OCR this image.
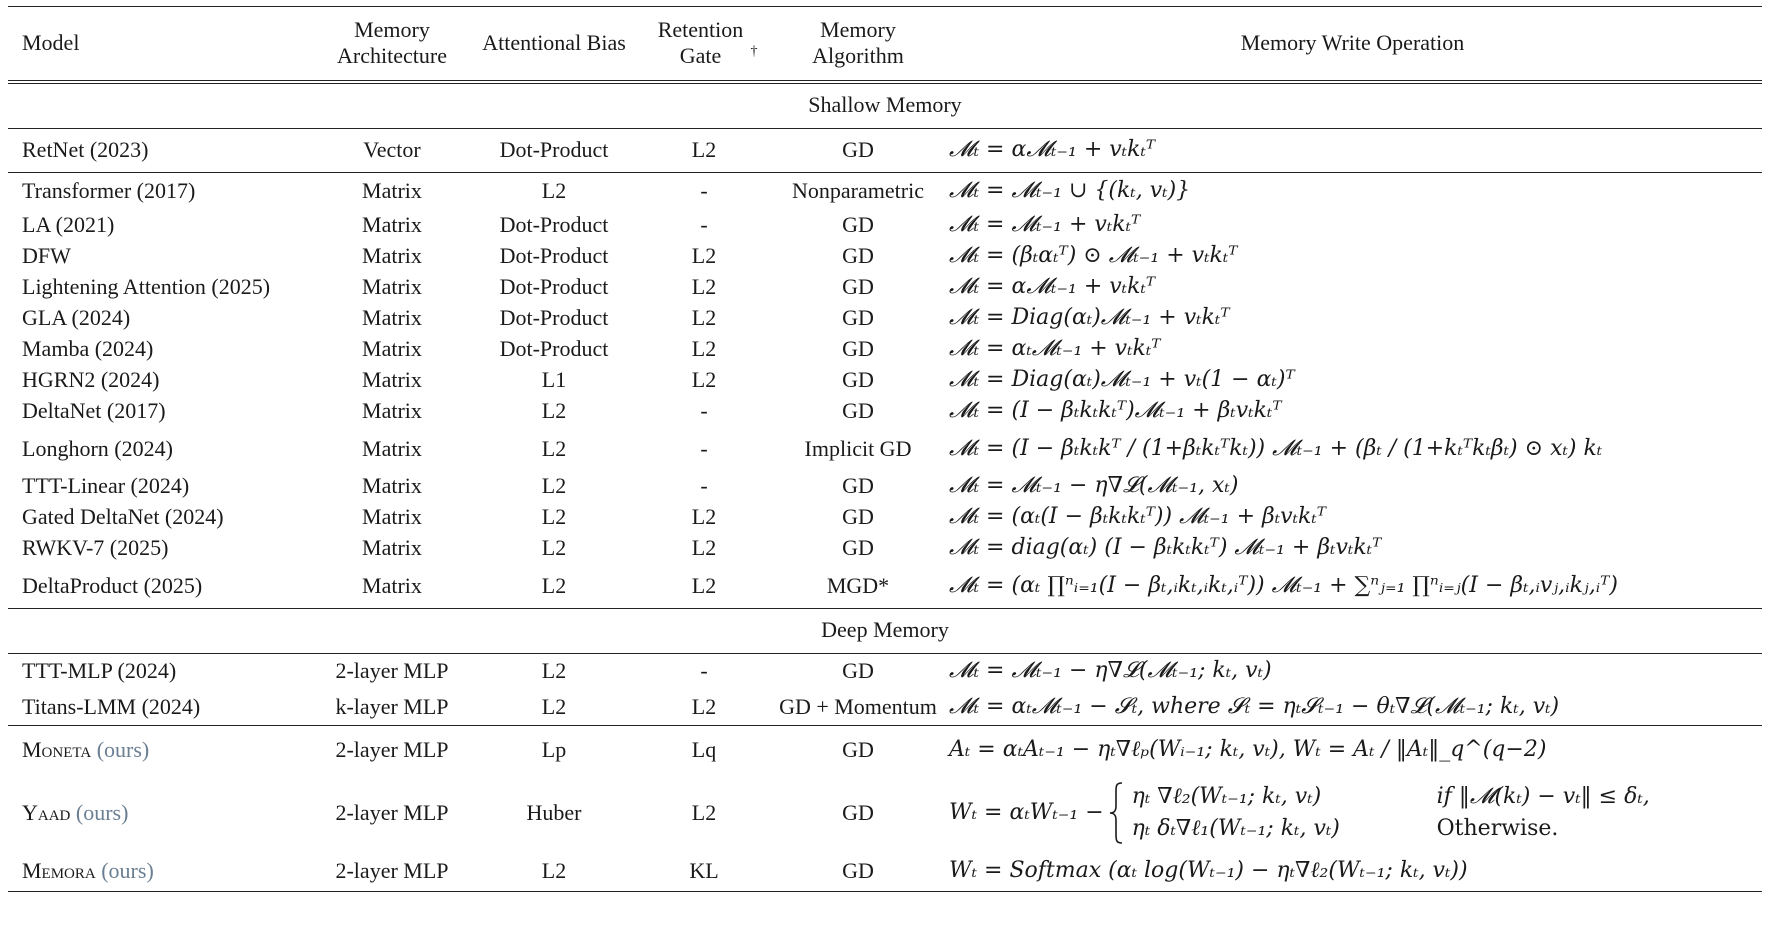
Model	Memory Architecture	Attentional Bias	Retention Gate †	Memory Algorithm	Memory Write Operation
Shallow Memory					
RetNet (2023)	Vector	Dot-Product	L2	GD	𝓜ₜ = α𝓜ₜ₋₁ + vₜkₜᵀ
Transformer (2017)	Matrix	L2	-	Nonparametric	𝓜ₜ = 𝓜ₜ₋₁ ∪ {(kₜ, vₜ)}
LA (2021)	Matrix	Dot-Product	-	GD	𝓜ₜ = 𝓜ₜ₋₁ + vₜkₜᵀ
DFW	Matrix	Dot-Product	L2	GD	𝓜ₜ = (βₜαₜᵀ) ⊙ 𝓜ₜ₋₁ + vₜkₜᵀ
Lightening Attention (2025)	Matrix	Dot-Product	L2	GD	𝓜ₜ = α𝓜ₜ₋₁ + vₜkₜᵀ
GLA (2024)	Matrix	Dot-Product	L2	GD	𝓜ₜ = Diag(αₜ)𝓜ₜ₋₁ + vₜkₜᵀ
Mamba (2024)	Matrix	Dot-Product	L2	GD	𝓜ₜ = αₜ𝓜ₜ₋₁ + vₜkₜᵀ
HGRN2 (2024)	Matrix	L1	L2	GD	𝓜ₜ = Diag(αₜ)𝓜ₜ₋₁ + vₜ(1 − αₜ)ᵀ
DeltaNet (2017)	Matrix	L2	-	GD	𝓜ₜ = (I − βₜkₜkₜᵀ)𝓜ₜ₋₁ + βₜvₜkₜᵀ
Longhorn (2024)	Matrix	L2	-	Implicit GD	𝓜ₜ = (I − βₜkₜkᵀ / (1+βₜkₜᵀkₜ)) 𝓜ₜ₋₁ + (βₜ / (1+kₜᵀkₜβₜ) ⊙ xₜ) kₜ
TTT-Linear (2024)	Matrix	L2	-	GD	𝓜ₜ = 𝓜ₜ₋₁ − η∇𝓛(𝓜ₜ₋₁, xₜ)
Gated DeltaNet (2024)	Matrix	L2	L2	GD	𝓜ₜ = (αₜ(I − βₜkₜkₜᵀ)) 𝓜ₜ₋₁ + βₜvₜkₜᵀ
RWKV-7 (2025)	Matrix	L2	L2	GD	𝓜ₜ = diag(αₜ) (I − βₜkₜkₜᵀ) 𝓜ₜ₋₁ + βₜvₜkₜᵀ
DeltaProduct (2025)	Matrix	L2	L2	MGD*	𝓜ₜ = (αₜ ∏ⁿᵢ₌₁(I − βₜ,ᵢkₜ,ᵢkₜ,ᵢᵀ)) 𝓜ₜ₋₁ + ∑ⁿⱼ₌₁ ∏ⁿᵢ₌ⱼ(I − βₜ,ᵢvⱼ,ᵢkⱼ,ᵢᵀ)
Deep Memory					
TTT-MLP (2024)	2-layer MLP	L2	-	GD	𝓜ₜ = 𝓜ₜ₋₁ − η∇𝓛(𝓜ₜ₋₁; kₜ, vₜ)
Titans-LMM (2024)	k-layer MLP	L2	L2	GD + Momentum	𝓜ₜ = αₜ𝓜ₜ₋₁ − 𝓢ₜ, where 𝓢ₜ = ηₜ𝓢ₜ₋₁ − θₜ∇𝓛(𝓜ₜ₋₁; kₜ, vₜ)
Moneta (ours)	2-layer MLP	Lp	Lq	GD	Aₜ = αₜAₜ₋₁ − ηₜ∇ℓₚ(Wᵢ₋₁; kₜ, vₜ), Wₜ = Aₜ / ‖Aₜ‖_q^(q−2)
Yaad (ours)	2-layer MLP	Huber	L2	GD	Wₜ = αₜWₜ₋₁ −
ηₜ ∇ℓ₂(Wₜ₋₁; kₜ, vₜ) if ‖𝓜(kₜ) − vₜ‖ ≤ δₜ,
ηₜ δₜ∇ℓ₁(Wₜ₋₁; kₜ, vₜ) Otherwise.

Memora (ours)	2-layer MLP	L2	KL	GD	Wₜ = Softmax (αₜ log(Wₜ₋₁) − ηₜ∇ℓ₂(Wₜ₋₁; kₜ, vₜ))
